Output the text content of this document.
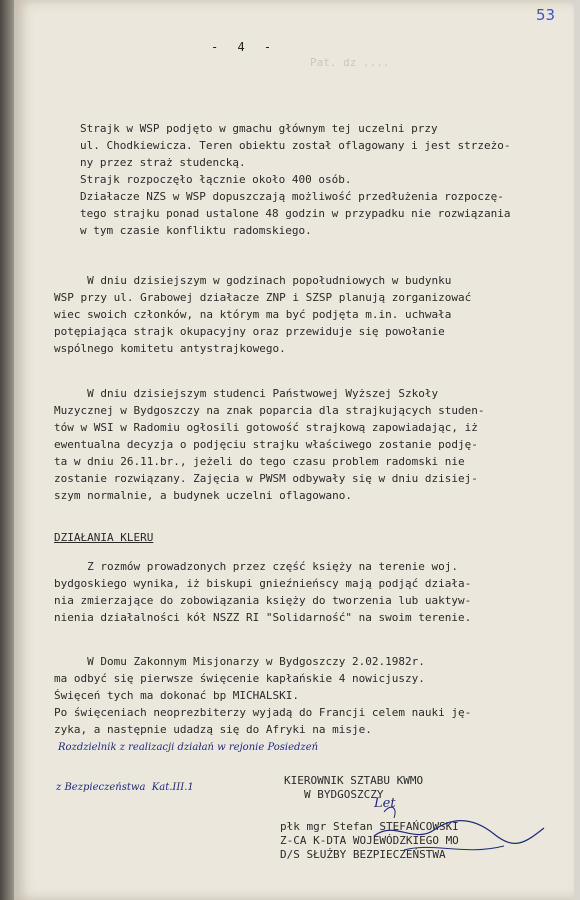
53
- 4 -
Pat. dz ....
Strajk w WSP podjęto w gmachu głównym tej uczelni przy
ul. Chodkiewicza. Teren obiektu został oflagowany i jest strzeżo-
ny przez straż studencką.
Strajk rozpoczęło łącznie około 400 osób.
Działacze NZS w WSP dopuszczają możliwość przedłużenia rozpoczę-
tego strajku ponad ustalone 48 godzin w przypadku nie rozwiązania
w tym czasie konfliktu radomskiego.
W dniu dzisiejszym w godzinach popołudniowych w budynku
WSP przy ul. Grabowej działacze ZNP i SZSP planują zorganizować
wiec swoich członków, na którym ma być podjęta m.in. uchwała
potępiająca strajk okupacyjny oraz przewiduje się powołanie
wspólnego komitetu antystrajkowego.
W dniu dzisiejszym studenci Państwowej Wyższej Szkoły
Muzycznej w Bydgoszczy na znak poparcia dla strajkujących studen-
tów w WSI w Radomiu ogłosili gotowość strajkową zapowiadając, iż
ewentualna decyzja o podjęciu strajku właściwego zostanie podję-
ta w dniu 26.11.br., jeżeli do tego czasu problem radomski nie
zostanie rozwiązany. Zajęcia w PWSM odbywały się w dniu dzisiej-
szym normalnie, a budynek uczelni oflagowano.
DZIAŁANIA KLERU
Z rozmów prowadzonych przez część księży na terenie woj.
bydgoskiego wynika, iż biskupi gnieźnieńscy mają podjąć działa-
nia zmierzające do zobowiązania księży do tworzenia lub uaktyw-
nienia działalności kół NSZZ RI "Solidarność" na swoim terenie.
W Domu Zakonnym Misjonarzy w Bydgoszczy 2.02.1982r.
ma odbyć się pierwsze święcenie kapłańskie 4 nowicjuszy.
Święceń tych ma dokonać bp MICHALSKI.
Po święceniach neoprezbiterzy wyjadą do Francji celem nauki ję-
zyka, a następnie udadzą się do Afryki na misje.
Rozdzielnik z realizacji działań w rejonie Posiedzeń
z Bezpieczeństwa  Kat.III.1
KIEROWNIK SZTABU KWMO
W BYDGOSZCZY
Let
płk mgr Stefan STEFAŃCOWSKI
Z-CA K-DTA WOJEWÓDZKIEGO MO
D/S SŁUŻBY BEZPIECZEŃSTWA
